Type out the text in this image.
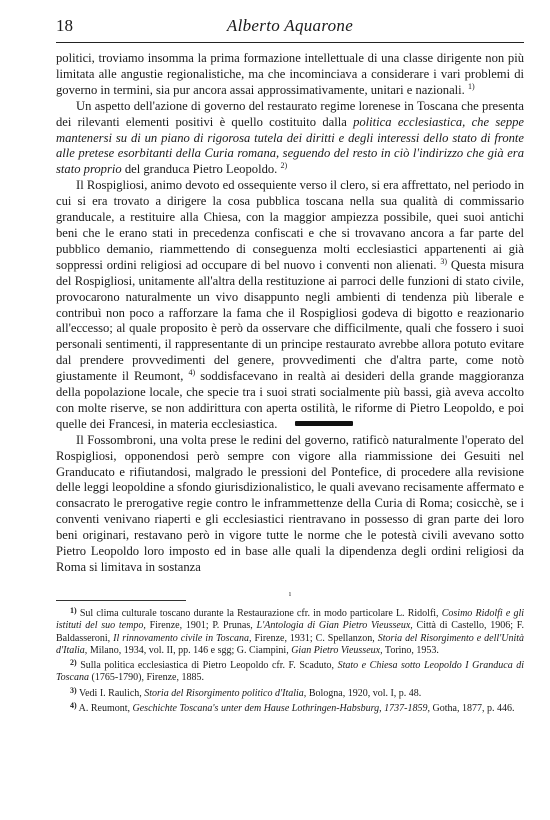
18	Alberto Aquarone

politici, troviamo insomma la prima formazione intellettuale di una classe dirigente non più limitata alle angustie regionalistiche, ma che incominciava a considerare i vari problemi di governo in termini, sia pur ancora assai approssimativamente, unitari e nazionali. $^{1)}$

Un aspetto dell'azione di governo del restaurato regime lorenese in Toscana che presenta dei rilevanti elementi positivi è quello costituito dalla politica ecclesiastica, che seppe mantenersi su di un piano di rigorosa tutela dei diritti e degli interessi dello stato di fronte alle pretese esorbitanti della Curia romana, seguendo del resto in ciò l'indirizzo che già era stato proprio del granduca Pietro Leopoldo. $^{2)}$

Il Rospigliosi, animo devoto ed ossequiente verso il clero, si era affrettato, nel periodo in cui si era trovato a dirigere la cosa pubblica toscana nella sua qualità di commissario granducale, a restituire alla Chiesa, con la maggior ampiezza possibile, quei suoi antichi beni che le erano stati in precedenza confiscati e che si trovavano ancora a far parte del pubblico demanio, riammettendo di conseguenza molti ecclesiastici appartenenti ai già soppressi ordini religiosi ad occupare di bel nuovo i conventi non alienati. $^{3)}$ Questa misura del Rospigliosi, unitamente all'altra della restituzione ai parroci delle funzioni di stato civile, provocarono naturalmente un vivo disappunto negli ambienti di tendenza più liberale e contribuì non poco a rafforzare la fama che il Rospigliosi godeva di bigotto e reazionario all'eccesso; al quale proposito è però da osservare che difficilmente, quali che fossero i suoi personali sentimenti, il rappresentante di un principe restaurato avrebbe allora potuto evitare dal prendere provvedimenti del genere, provvedimenti che d'altra parte, come notò giustamente il Reumont, $^{4)}$ soddisfacevano in realtà ai desideri della grande maggioranza della popolazione locale, che specie tra i suoi strati socialmente più bassi, già aveva accolto con molte riserve, se non addirittura con aperta ostilità, le riforme di Pietro Leopoldo, e poi quelle dei Francesi, in materia ecclesiastica.

Il Fossombroni, una volta prese le redini del governo, ratificò naturalmente l'operato del Rospigliosi, opponendosi però sempre con vigore alla riammissione dei Gesuiti nel Granducato e rifiutandosi, malgrado le pressioni del Pontefice, di procedere alla revisione delle leggi leopoldine a sfondo giurisdizionalistico, le quali avevano recisamente affermato e consacrato le prerogative regie contro le inframmettenze della Curia di Roma; cosicchè, se i conventi venivano riaperti e gli ecclesiastici rientravano in possesso di gran parte dei loro beni originari, restavano però in vigore tutte le norme che le potestà civili avevano sotto Pietro Leopoldo loro imposto ed in base alle quali la dipendenza degli ordini religiosi da Roma si limitava in sostanza

ı

$^{1)}$ Sul clima culturale toscano durante la Restaurazione cfr. in modo particolare L. Ridolfi, Cosimo Ridolfi e gli istituti del suo tempo, Firenze, 1901; P. Prunas, L'Antologia di Gian Pietro Vieusseux, Città di Castello, 1906; F. Baldasseroni, Il rinnovamento civile in Toscana, Firenze, 1931; C. Spellanzon, Storia del Risorgimento e dell'Unità d'Italia, Milano, 1934, vol. II, pp. 146 e sgg; G. Ciampini, Gian Pietro Vieusseux, Torino, 1953.

$^{2)}$ Sulla politica ecclesiastica di Pietro Leopoldo cfr. F. Scaduto, Stato e Chiesa sotto Leopoldo I Granduca di Toscana (1765-1790), Firenze, 1885.

$^{3)}$ Vedi I. Raulich, Storia del Risorgimento politico d'Italia, Bologna, 1920, vol. I, p. 48.

$^{4)}$ A. Reumont, Geschichte Toscana's unter dem Hause Lothringen-Habsburg, 1737-1859, Gotha, 1877, p. 446.
